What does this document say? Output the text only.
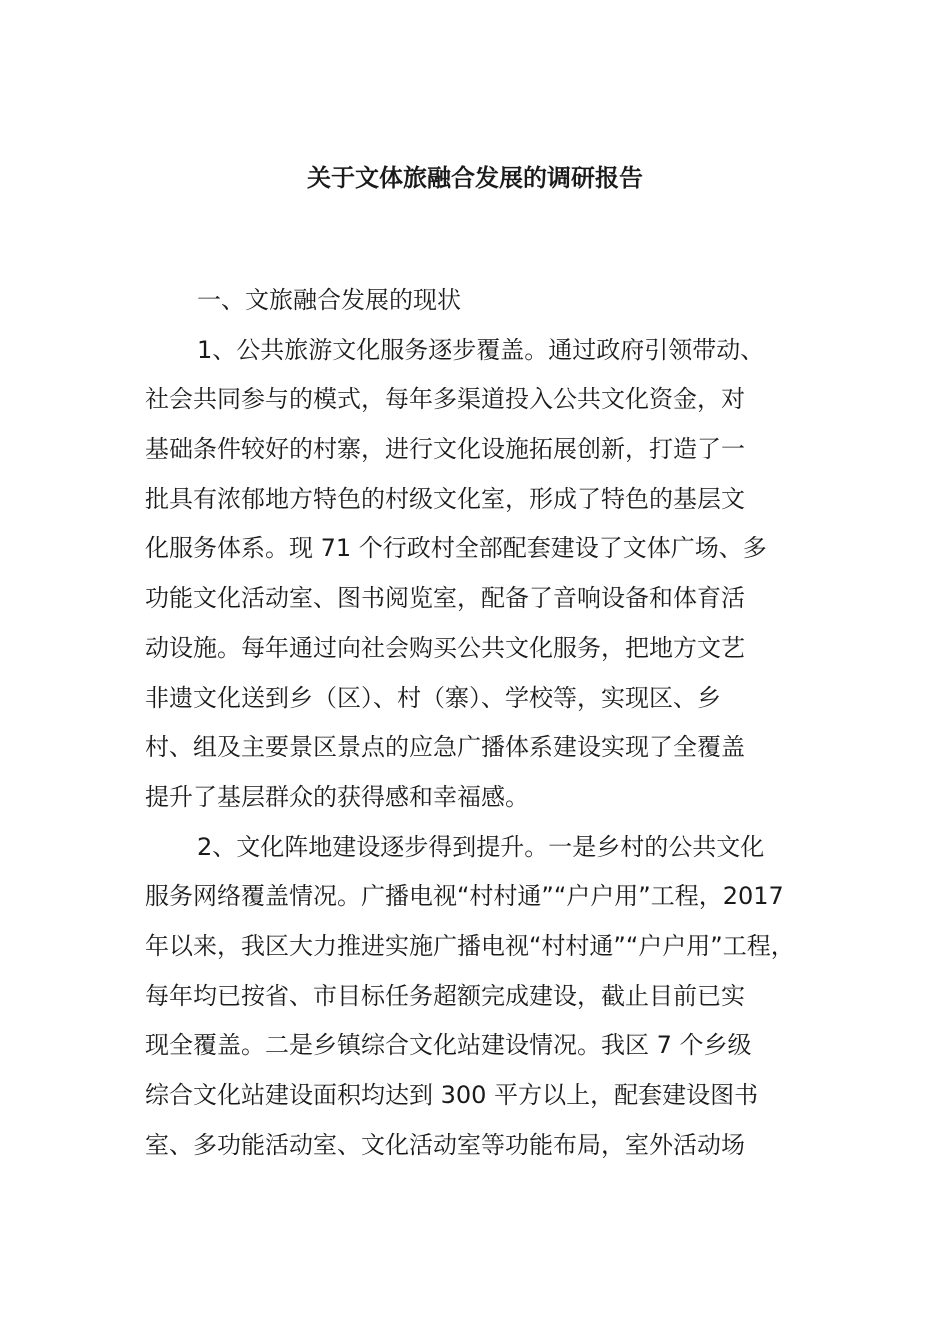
关于文体旅融合发展的调研报告
一、文旅融合发展的现状
1、公共旅游文化服务逐步覆盖。通过政府引领带动、
社会共同参与的模式，每年多渠道投入公共文化资金，对
基础条件较好的村寨，进行文化设施拓展创新，打造了一
批具有浓郁地方特色的村级文化室，形成了特色的基层文
化服务体系。现 71 个行政村全部配套建设了文体广场、多
功能文化活动室、图书阅览室，配备了音响设备和体育活
动设施。每年通过向社会购买公共文化服务，把地方文艺
非遗文化送到乡（区）、村（寨）、学校等，实现区、乡
村、组及主要景区景点的应急广播体系建设实现了全覆盖
提升了基层群众的获得感和幸福感。
2、文化阵地建设逐步得到提升。一是乡村的公共文化
服务网络覆盖情况。广播电视“村村通”“户户用”工程，2017
年以来，我区大力推进实施广播电视“村村通”“户户用”工程，
每年均已按省、市目标任务超额完成建设，截止目前已实
现全覆盖。二是乡镇综合文化站建设情况。我区 7 个乡级
综合文化站建设面积均达到 300 平方以上，配套建设图书
室、多功能活动室、文化活动室等功能布局，室外活动场
